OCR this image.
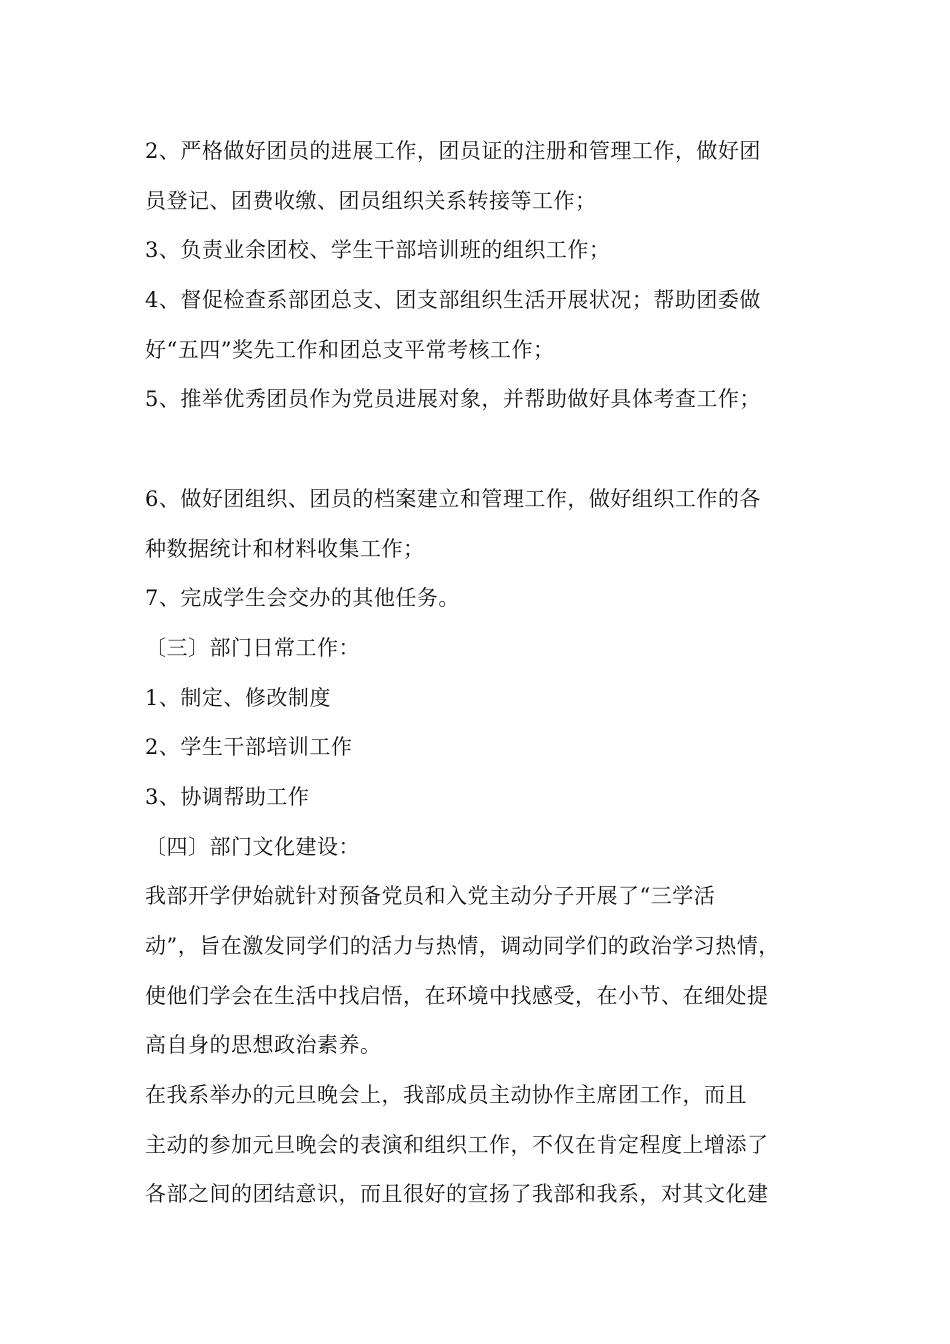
2、严格做好团员的进展工作，团员证的注册和管理工作，做好团
员登记、团费收缴、团员组织关系转接等工作；
3、负责业余团校、学生干部培训班的组织工作；
4、督促检查系部团总支、团支部组织生活开展状况；帮助团委做
好“五四”奖先工作和团总支平常考核工作；
5、推举优秀团员作为党员进展对象，并帮助做好具体考查工作；
6、做好团组织、团员的档案建立和管理工作，做好组织工作的各
种数据统计和材料收集工作；
7、完成学生会交办的其他任务。
〔三〕部门日常工作：
1、制定、修改制度
2、学生干部培训工作
3、协调帮助工作
〔四〕部门文化建设：
我部开学伊始就针对预备党员和入党主动分子开展了“三学活
动”，旨在激发同学们的活力与热情，调动同学们的政治学习热情，
使他们学会在生活中找启悟，在环境中找感受，在小节、在细处提
高自身的思想政治素养。
在我系举办的元旦晚会上，我部成员主动协作主席团工作，而且
主动的参加元旦晚会的表演和组织工作，不仅在肯定程度上增添了
各部之间的团结意识，而且很好的宣扬了我部和我系，对其文化建
